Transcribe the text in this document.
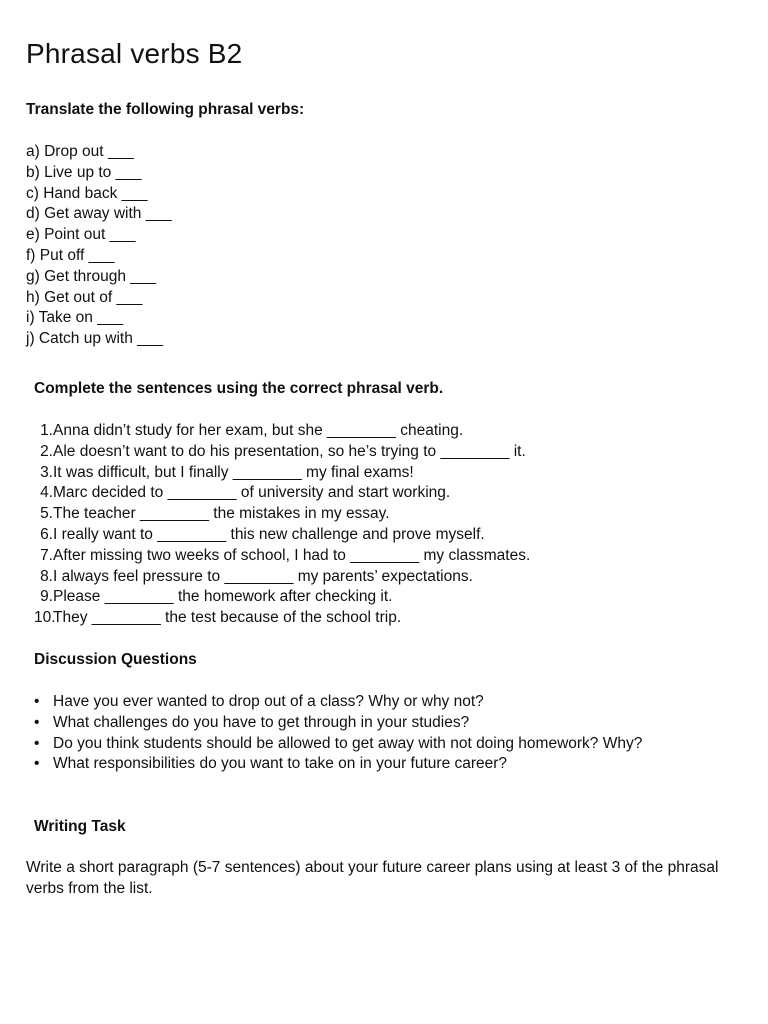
Phrasal verbs B2
Translate the following phrasal verbs:
a) Drop out ___
b) Live up to ___
c) Hand back ___
d) Get away with ___
e) Point out ___
f) Put off ___
g) Get through ___
h) Get out of ___
i) Take on ___
j) Catch up with ___
Complete the sentences using the correct phrasal verb.
1. Anna didn’t study for her exam, but she ________ cheating.
2. Ale doesn’t want to do his presentation, so he’s trying to ________ it.
3. It was difficult, but I finally ________ my final exams!
4. Marc decided to ________ of university and start working.
5. The teacher ________ the mistakes in my essay.
6. I really want to ________ this new challenge and prove myself.
7. After missing two weeks of school, I had to ________ my classmates.
8. I always feel pressure to ________ my parents’ expectations.
9. Please ________ the homework after checking it.
10.
They ________ the test because of the school trip.
Discussion Questions
• Have you ever wanted to drop out of a class? Why or why not?
• What challenges do you have to get through in your studies?
• Do you think students should be allowed to get away with not doing homework? Why?
• What responsibilities do you want to take on in your future career?
Writing Task

Write a short paragraph (5-7 sentences) about your future career plans using at least 3 of the phrasal verbs from the list.
